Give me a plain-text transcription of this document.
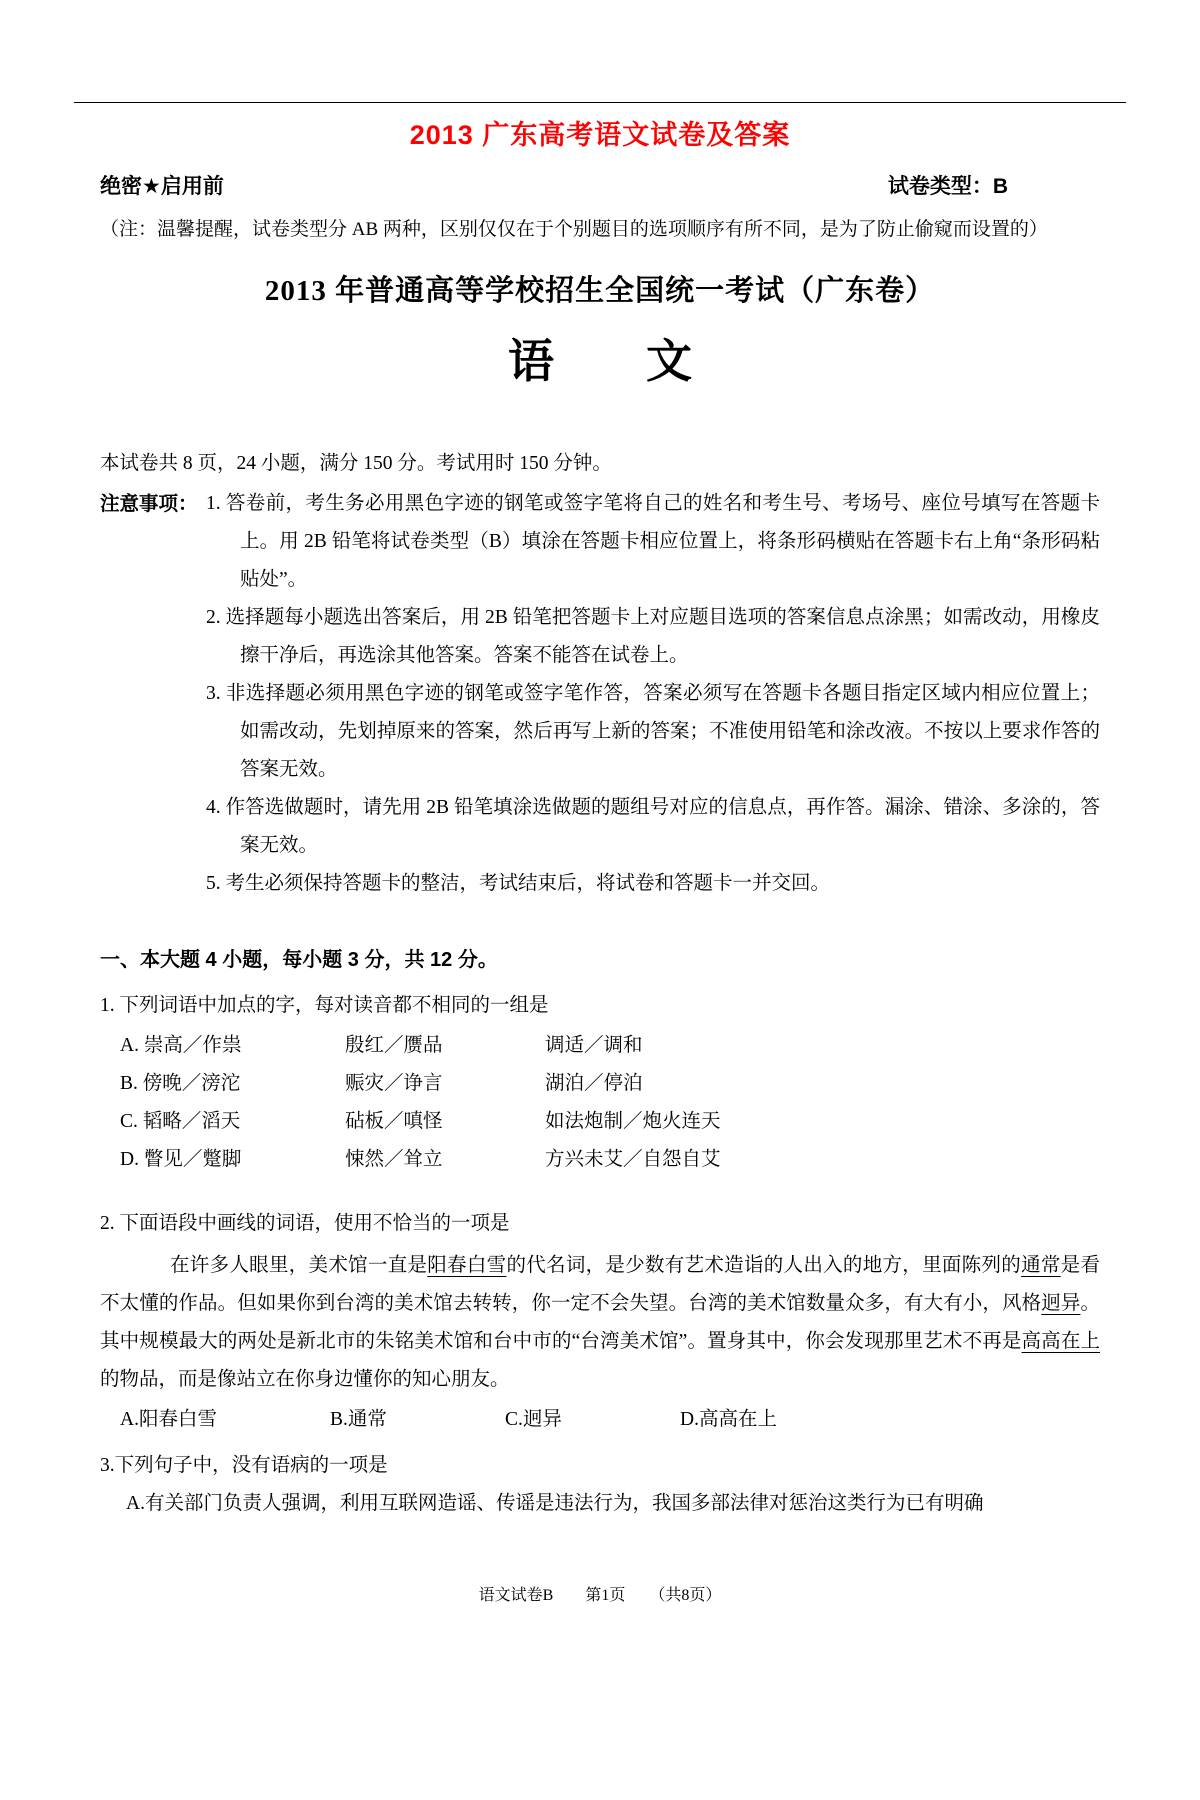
2013 广东高考语文试卷及答案
绝密★启用前	试卷类型：B
（注：温馨提醒，试卷类型分 AB 两种，区别仅仅在于个别题目的选项顺序有所不同，是为了防止偷窥而设置的）
2013 年普通高等学校招生全国统一考试（广东卷）
语　　文
本试卷共 8 页，24 小题，满分 150 分。考试用时 150 分钟。
注意事项： 1. 答卷前，考生务必用黑色字迹的钢笔或签字笔将自己的姓名和考生号、考场号、座位号填写在答题卡上。用 2B 铅笔将试卷类型（B）填涂在答题卡相应位置上，将条形码横贴在答题卡右上角“条形码粘贴处”。
2. 选择题每小题选出答案后，用 2B 铅笔把答题卡上对应题目选项的答案信息点涂黑；如需改动，用橡皮擦干净后，再选涂其他答案。答案不能答在试卷上。
3. 非选择题必须用黑色字迹的钢笔或签字笔作答，答案必须写在答题卡各题目指定区域内相应位置上；如需改动，先划掉原来的答案，然后再写上新的答案；不准使用铅笔和涂改液。不按以上要求作答的答案无效。
4. 作答选做题时，请先用 2B 铅笔填涂选做题的题组号对应的信息点，再作答。漏涂、错涂、多涂的，答案无效。
5. 考生必须保持答题卡的整洁，考试结束后，将试卷和答题卡一并交回。
一、本大题 4 小题，每小题 3 分，共 12 分。
1. 下列词语中加点的字，每对读音都不相同的一组是
A. 崇高／作祟	殷红／赝品	调适／调和
B. 傍晚／滂沱	赈灾／诤言	湖泊／停泊
C. 韬略／滔天	砧板／嗔怪	如法炮制／炮火连天
D. 瞥见／蹩脚	悚然／耸立	方兴未艾／自怨自艾
2. 下面语段中画线的词语，使用不恰当的一项是
在许多人眼里，美术馆一直是阳春白雪的代名词，是少数有艺术造诣的人出入的地方，里面陈列的通常是看不太懂的作品。但如果你到台湾的美术馆去转转，你一定不会失望。台湾的美术馆数量众多，有大有小，风格迥异。其中规模最大的两处是新北市的朱铭美术馆和台中市的“台湾美术馆”。置身其中，你会发现那里艺术不再是高高在上的物品，而是像站立在你身边懂你的知心朋友。
A.阳春白雪	B.通常	C.迥异	D.高高在上
3.下列句子中，没有语病的一项是
A.有关部门负责人强调，利用互联网造谣、传谣是违法行为，我国多部法律对惩治这类行为已有明确
语文试卷B　　第1页　　（共8页）
